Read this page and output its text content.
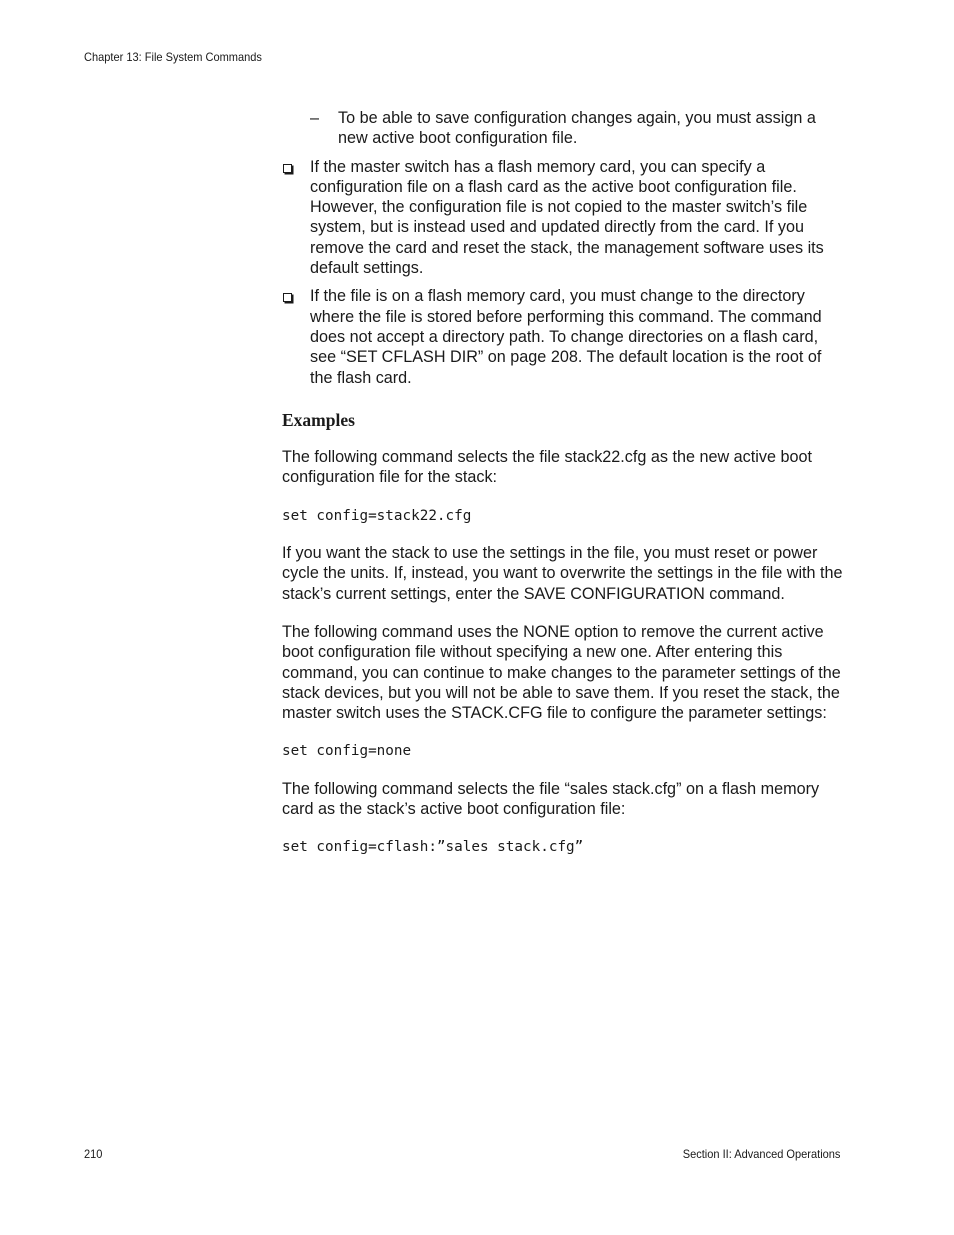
Chapter 13: File System Commands
– To be able to save configuration changes again, you must assign a new active boot configuration file.
If the master switch has a flash memory card, you can specify a configuration file on a flash card as the active boot configuration file. However, the configuration file is not copied to the master switch’s file system, but is instead used and updated directly from the card. If you remove the card and reset the stack, the management software uses its default settings.
If the file is on a flash memory card, you must change to the directory where the file is stored before performing this command. The command does not accept a directory path. To change directories on a flash card, see “SET CFLASH DIR” on page 208. The default location is the root of the flash card.
Examples

The following command selects the file stack22.cfg as the new active boot configuration file for the stack:

set config=stack22.cfg

If you want the stack to use the settings in the file, you must reset or power cycle the units. If, instead, you want to overwrite the settings in the file with the stack’s current settings, enter the SAVE CONFIGURATION command.

The following command uses the NONE option to remove the current active boot configuration file without specifying a new one. After entering this command, you can continue to make changes to the parameter settings of the stack devices, but you will not be able to save them. If you reset the stack, the master switch uses the STACK.CFG file to configure the parameter settings:

set config=none

The following command selects the file “sales stack.cfg” on a flash memory card as the stack’s active boot configuration file:

set config=cflash:”sales stack.cfg”
210	Section II: Advanced Operations
